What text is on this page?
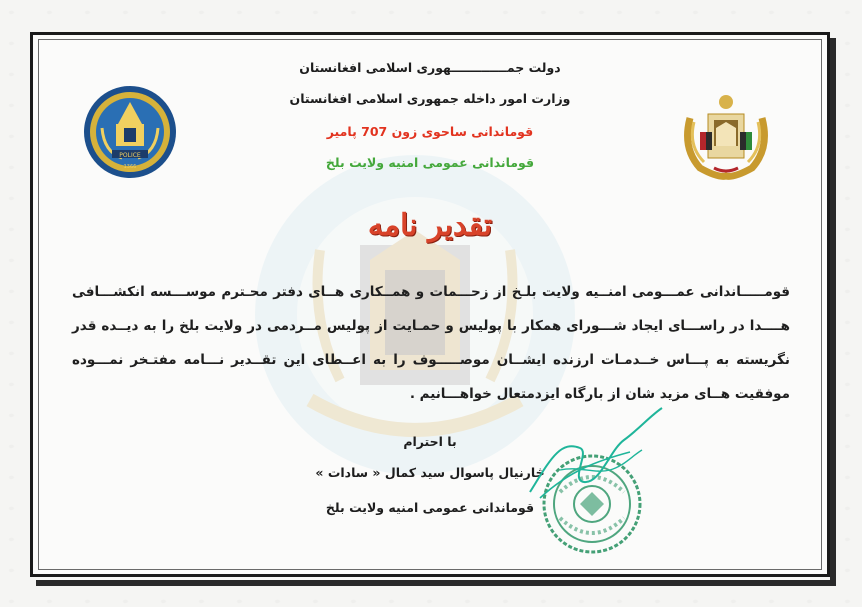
POLICE
1366
دولت جمـــــــــــــهوری اسلامی افغانستان
وزارت امور داخله جمهوری اسلامی افغانستان
قوماندانی ساحوی زون 707 پامیر
قوماندانی عمومی امنیه ولایت بلخ
تقدیر نامه
قومـــــاندانی عمـــومی امنــیه ولایت بلـخ از زحـــمات و همــکاری هــای دفتر محـترم موســـسه انکشـــافی هــــدا در راســـای ایجاد شـــورای همکار با پولیس و حمـایت از پولیس مــردمی در ولایت بلخ را به دیــده قدر نگریسته به پـــاس خــدمـات ارزنده ایشــان موصـــــوف را به اعــطای این تقــدیر نـــامه مفتـخر نمـــوده موفقیت هــای مزید شان از بارگاه ایزدمتعال خواهـــانیم .
با احترام
څارنیال پاسوال سید کمال « سادات »
قوماندانی عمومی امنیه ولایت بلخ
